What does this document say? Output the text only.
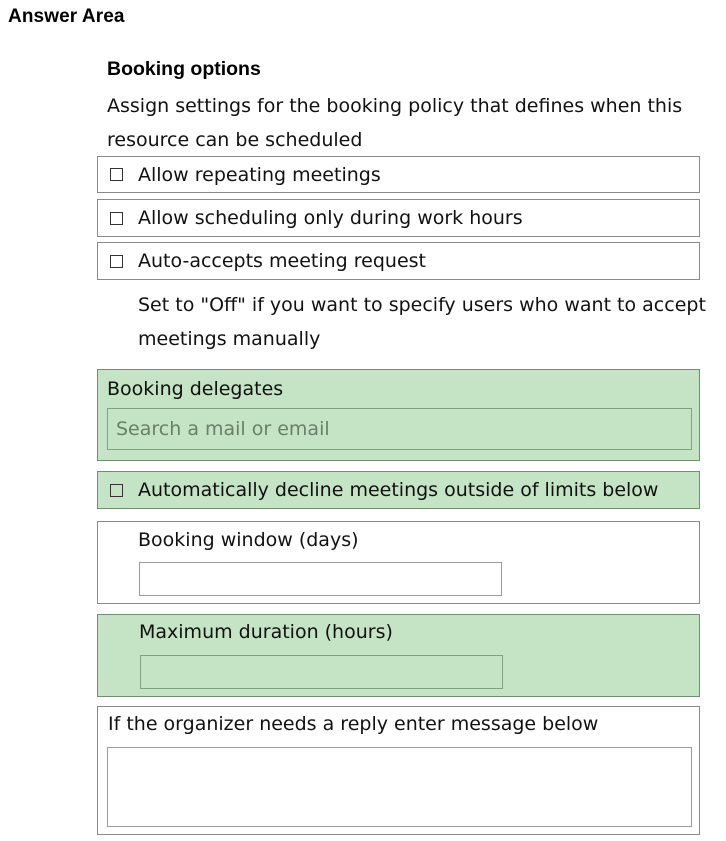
Answer Area
Booking options
Assign settings for the booking policy that defines when this resource can be scheduled
Allow repeating meetings
Allow scheduling only during work hours
Auto-accepts meeting request
Set to "Off" if you want to specify users who want to accept meetings manually
Booking delegates
Search a mail or email
Automatically decline meetings outside of limits below
Booking window (days)
Maximum duration (hours)
If the organizer needs a reply enter message below
